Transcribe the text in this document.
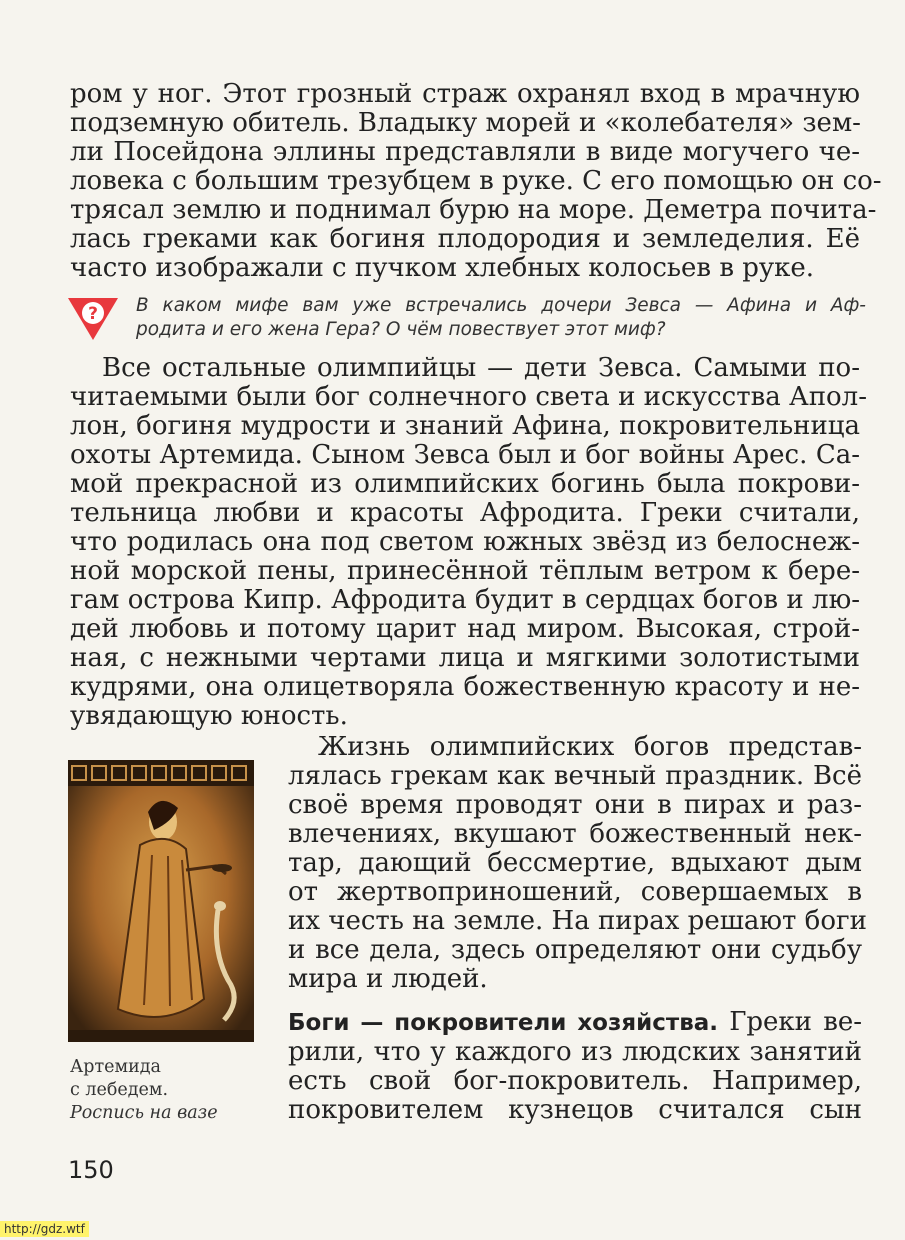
ром у ног. Этот грозный страж охранял вход в мрачную
подземную обитель. Владыку морей и «колебателя» зем-
ли Посейдона эллины представляли в виде могучего че-
ловека с большим трезубцем в руке. С его помощью он со-
трясал землю и поднимал бурю на море. Деметра почита-
лась греками как богиня плодородия и земледелия. Её
часто изображали с пучком хлебных колосьев в руке.
? В каком мифе вам уже встречались дочери Зевса — Афина и Аф-
родита и его жена Гера? О чём повествует этот миф?
Все остальные олимпийцы — дети Зевса. Самыми по-
читаемыми были бог солнечного света и искусства Апол-
лон, богиня мудрости и знаний Афина, покровительница
охоты Артемида. Сыном Зевса был и бог войны Арес. Са-
мой прекрасной из олимпийских богинь была покрови-
тельница любви и красоты Афродита. Греки считали,
что родилась она под светом южных звёзд из белоснеж-
ной морской пены, принесённой тёплым ветром к бере-
гам острова Кипр. Афродита будит в сердцах богов и лю-
дей любовь и потому царит над миром. Высокая, строй-
ная, с нежными чертами лица и мягкими золотистыми
кудрями, она олицетворяла божественную красоту и не-
увядающую юность.
Артемида
с лебедем.
Роспись на вазе
Жизнь олимпийских богов представ-
лялась грекам как вечный праздник. Всё
своё время проводят они в пирах и раз-
влечениях, вкушают божественный нек-
тар, дающий бессмертие, вдыхают дым
от жертвоприношений, совершаемых в
их честь на земле. На пирах решают боги
и все дела, здесь определяют они судьбу
мира и людей.
Боги — покровители хозяйства. Греки ве-
рили, что у каждого из людских занятий
есть свой бог-покровитель. Например,
покровителем кузнецов считался сын
150
http://gdz.wtf
